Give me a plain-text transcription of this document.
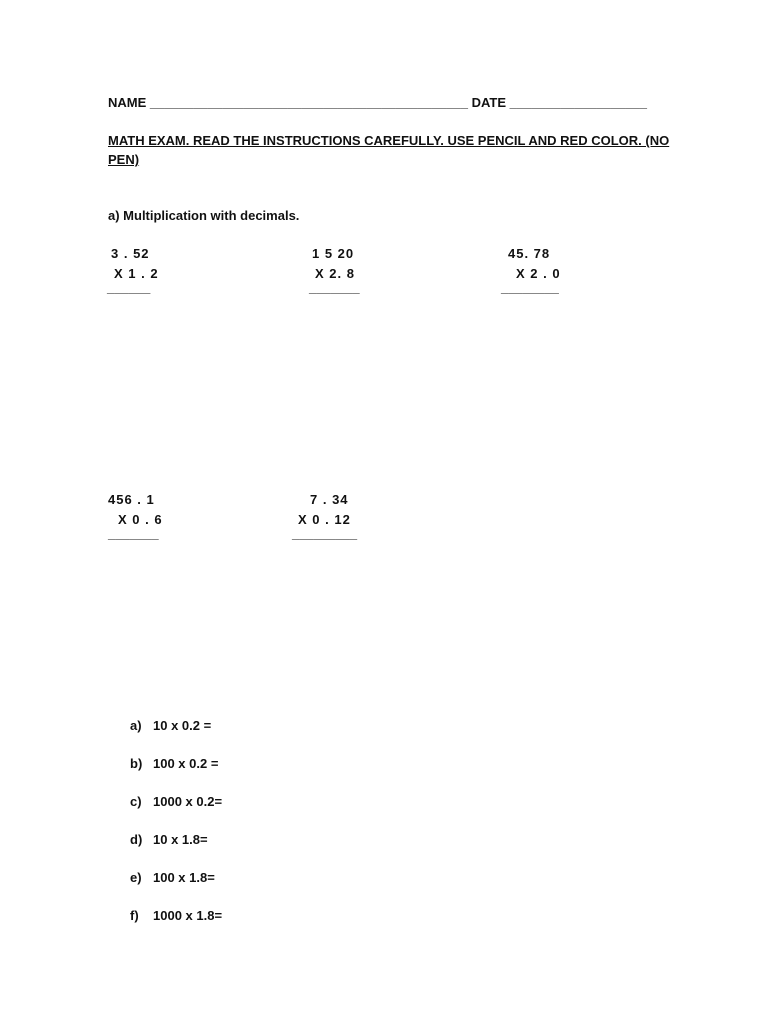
NAME ____________________________________________ DATE ___________________
MATH EXAM. READ THE INSTRUCTIONS CAREFULLY. USE PENCIL AND RED COLOR. (NO
PEN)
a) Multiplication with decimals.
3 . 52
X 1 . 2
______
1 5 20
X 2. 8
_______
45. 78
X 2 . 0
________
456 . 1
X 0 . 6
_______
7 . 34
X 0 . 12
_________
a) 10 x 0.2 =
b) 100 x 0.2 =
c) 1000 x 0.2=
d) 10 x 1.8=
e) 100 x 1.8=
f)	1000 x 1.8=
